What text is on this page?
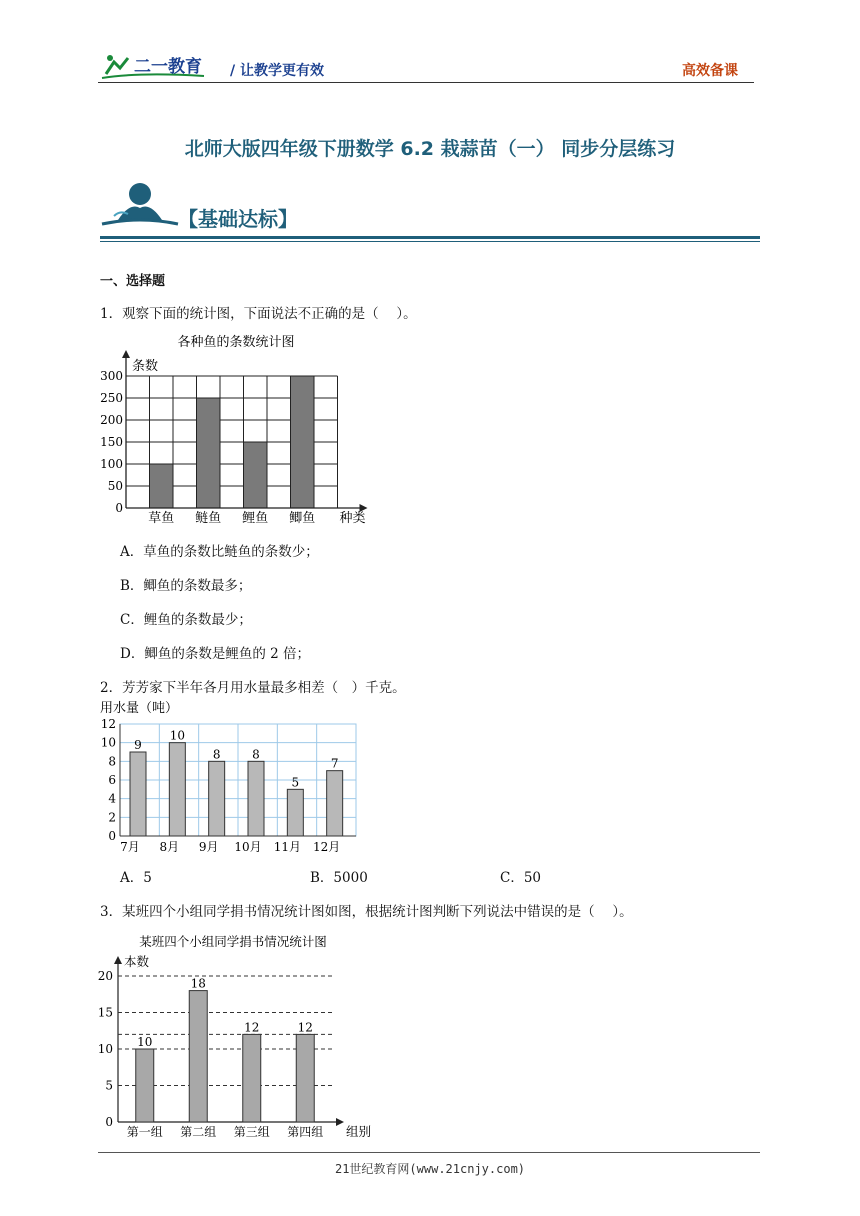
二一教育 / 让教学更有效	高效备课
北师大版四年级下册数学 6.2 栽蒜苗（一） 同步分层练习
【基础达标】
一、选择题
1．观察下面的统计图，下面说法不正确的是（　 ）。
各种鱼的条数统计图
草鱼 鲢鱼 鲤鱼 鲫鱼
0
50
100
150
200
250
300
条数
种类
A．草鱼的条数比鲢鱼的条数少；
B．鲫鱼的条数最多；
C．鲤鱼的条数最少；
D．鲫鱼的条数是鲤鱼的 2 倍；
2．芳芳家下半年各月用水量最多相差（　）千克。
用水量（吨）
0
2
4
6
8
10
12
9
7月
10
8月
8
9月
8
10月
5
11月
7
12月
A．5	B．5000	C．50
3．某班四个小组同学捐书情况统计图如图，根据统计图判断下列说法中错误的是（　 ）。
某班四个小组同学捐书情况统计图
本数
组别
0
5
10
15
20
10
第一组
18
第二组
12
第三组
12
第四组
21世纪教育网(www.21cnjy.com)
